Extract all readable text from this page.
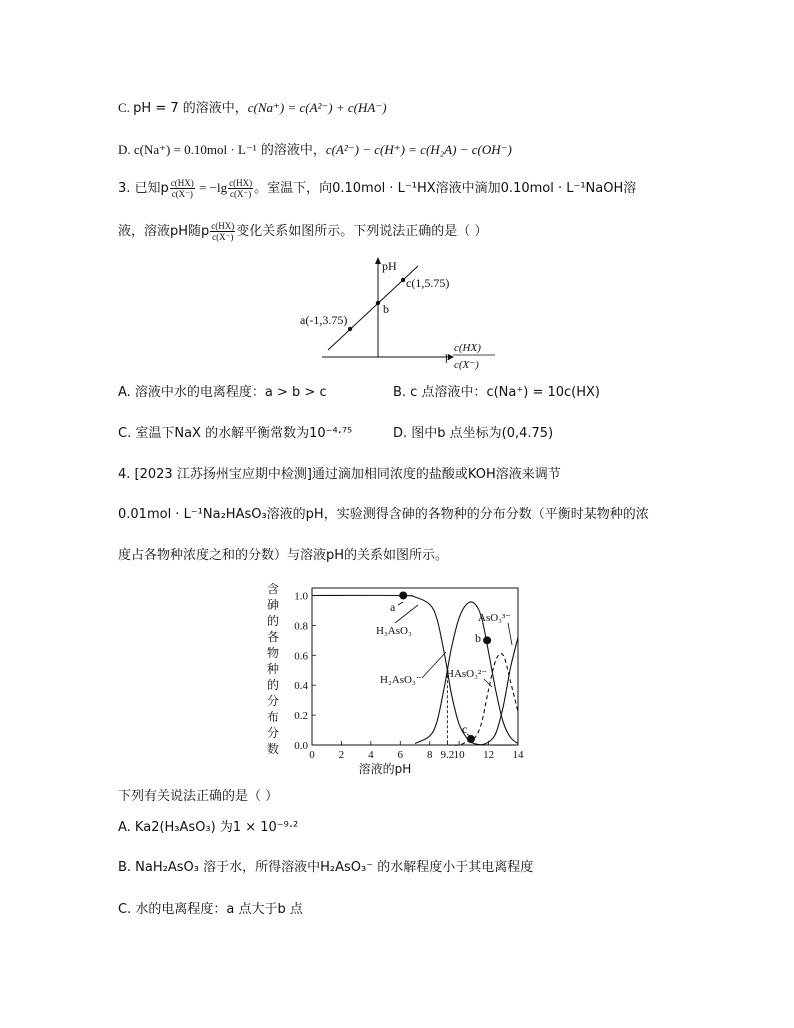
C. pH = 7 的溶液中，c(Na⁺) = c(A²⁻) + c(HA⁻)
D. c(Na⁺) = 0.10mol · L⁻¹ 的溶液中，c(A²⁻) − c(H⁺) = c(H₂A) − c(OH⁻)
3. 已知p $\frac{c(HX)}{c(X^-)} = -\lg \frac{c(HX)}{c(X^-)}$ 。室温下，向0.10mol · L⁻¹HX溶液中滴加0.10mol · L⁻¹NaOH溶
液，溶液pH随p $\frac{c(HX)}{c(X^-)}$ 变化关系如图所示。下列说法正确的是（ ）
pH
p
c(HX)
c(X⁻)
a(-1,3.75)
b
c(1,5.75)
A. 溶液中水的电离程度：a > b > c	B. c 点溶液中：c(Na⁺) = 10c(HX)
C. 室温下NaX 的水解平衡常数为10⁻⁴·⁷⁵	D. 图中b 点坐标为(0,4.75)
4. [2023 江苏扬州宝应期中检测]通过滴加相同浓度的盐酸或KOH溶液来调节
0.01mol · L⁻¹Na₂HAsO₃溶液的pH，实验测得含砷的各物种的分布分数（平衡时某物种的浓
度占各物种浓度之和的分数）与溶液pH的关系如图所示。
含
砷
的
各
物
种
的
分
布
分
数	0 2 4 6 8 9.2 10 12 14
0.0
0.2
0.4
0.6
0.8
1.0
溶液的pH
a
H₃AsO₃
H₂AsO₃⁻ HAsO₃²⁻
AsO₃³⁻
b
c
下列有关说法正确的是（ ）
A. Ka2(H₃AsO₃) 为1 × 10⁻⁹·²
B. NaH₂AsO₃ 溶于水，所得溶液中H₂AsO₃⁻ 的水解程度小于其电离程度
C. 水的电离程度：a 点大于b 点
